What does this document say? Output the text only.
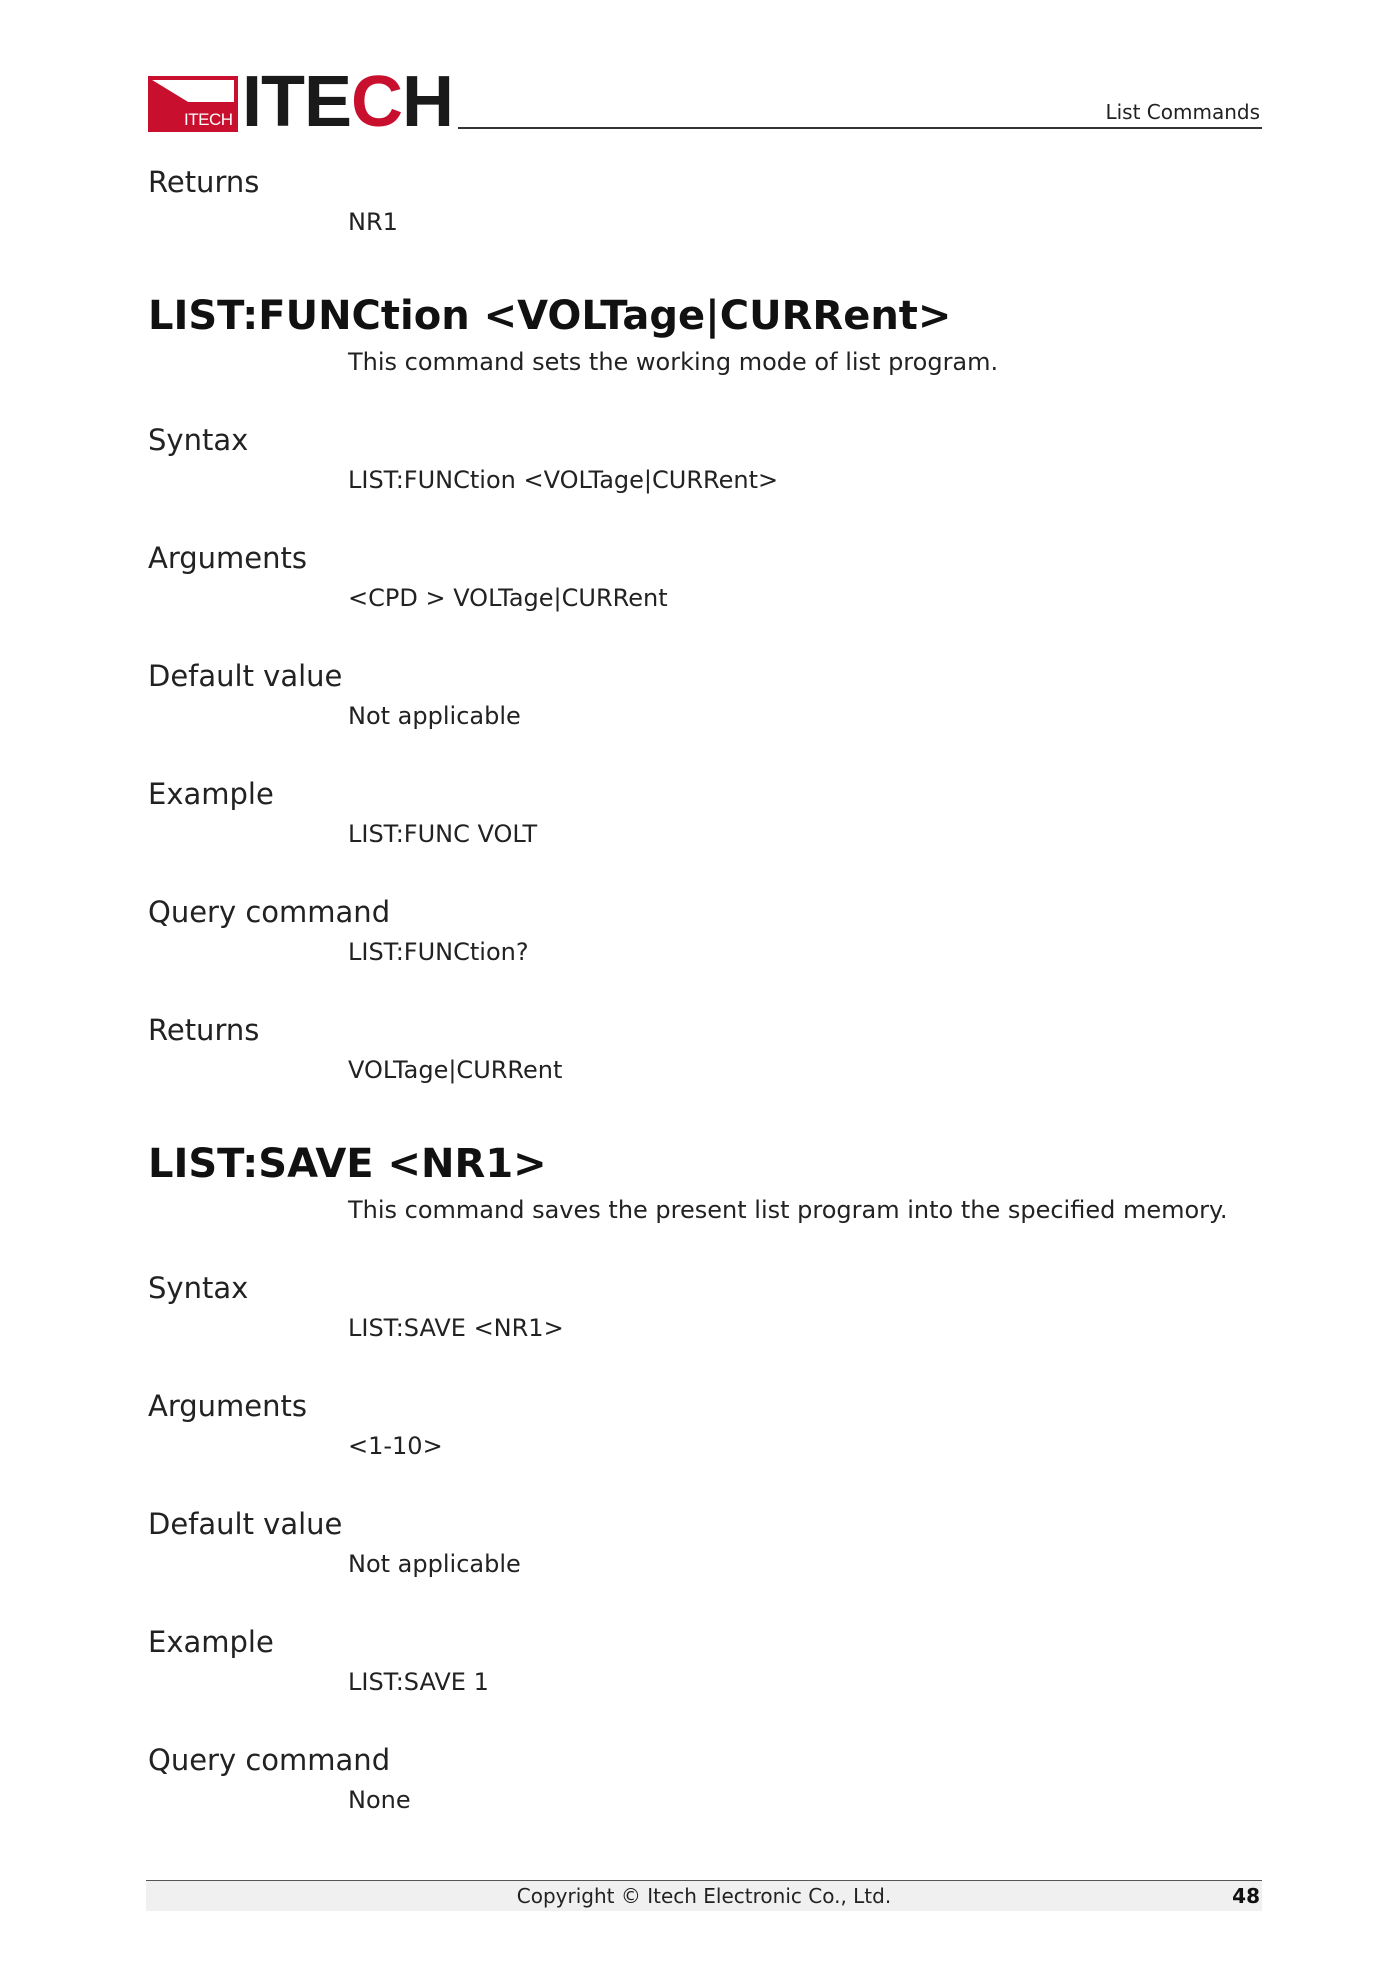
ITECH ITECH	List Commands
Returns
NR1
LIST:FUNCtion <VOLTage|CURRent>
This command sets the working mode of list program.
Syntax
LIST:FUNCtion <VOLTage|CURRent>
Arguments
<CPD > VOLTage|CURRent
Default value
Not applicable
Example
LIST:FUNC VOLT
Query command
LIST:FUNCtion?
Returns
VOLTage|CURRent
LIST:SAVE <NR1>
This command saves the present list program into the specified memory.
Syntax
LIST:SAVE <NR1>
Arguments
<1-10>
Default value
Not applicable
Example
LIST:SAVE 1
Query command
None
Copyright © Itech Electronic Co., Ltd.	48
